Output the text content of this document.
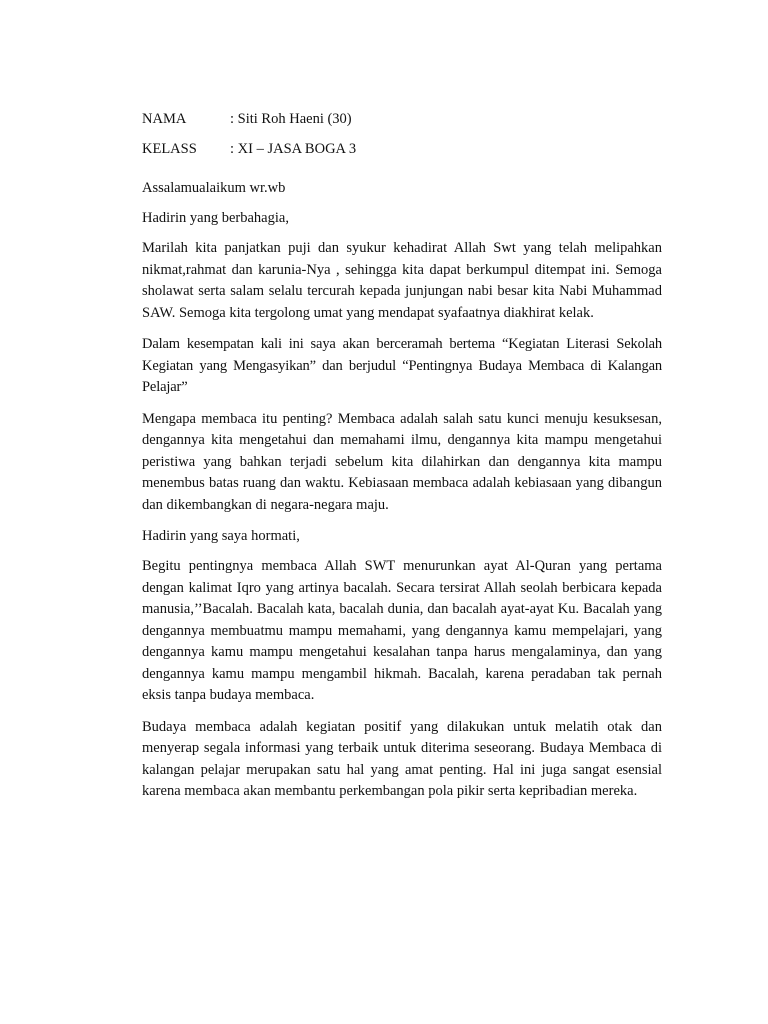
NAMA	: Siti Roh Haeni (30)
KELASS	: XI – JASA BOGA 3

Assalamualaikum wr.wb

Hadirin yang berbahagia,

Marilah kita panjatkan puji dan syukur kehadirat Allah Swt yang telah melipahkan nikmat,rahmat dan karunia-Nya , sehingga kita dapat berkumpul ditempat ini. Semoga sholawat serta salam selalu tercurah kepada junjungan nabi besar kita Nabi Muhammad SAW. Semoga kita tergolong umat yang mendapat syafaatnya diakhirat kelak.

Dalam kesempatan kali ini saya akan berceramah bertema “Kegiatan Literasi Sekolah Kegiatan yang Mengasyikan” dan berjudul “Pentingnya Budaya Membaca di Kalangan Pelajar”

Mengapa membaca itu penting? Membaca adalah salah satu kunci menuju kesuksesan, dengannya kita mengetahui dan memahami ilmu, dengannya kita mampu mengetahui peristiwa yang bahkan terjadi sebelum kita dilahirkan dan dengannya kita mampu menembus batas ruang dan waktu. Kebiasaan membaca adalah kebiasaan yang dibangun dan dikembangkan di negara-negara maju.

Hadirin yang saya hormati,

Begitu pentingnya membaca Allah SWT menurunkan ayat Al-Quran yang pertama dengan kalimat Iqro yang artinya bacalah. Secara tersirat Allah seolah berbicara kepada manusia,’’Bacalah. Bacalah kata, bacalah dunia, dan bacalah ayat-ayat Ku. Bacalah yang dengannya membuatmu mampu memahami, yang dengannya kamu mempelajari, yang dengannya kamu mampu mengetahui kesalahan tanpa harus mengalaminya, dan yang dengannya kamu mampu mengambil hikmah. Bacalah, karena peradaban tak pernah eksis tanpa budaya membaca.

Budaya membaca adalah kegiatan positif yang dilakukan untuk melatih otak dan menyerap segala informasi yang terbaik untuk diterima seseorang. Budaya Membaca di kalangan pelajar merupakan satu hal yang amat penting. Hal ini juga sangat esensial karena membaca akan membantu perkembangan pola pikir serta kepribadian mereka.
